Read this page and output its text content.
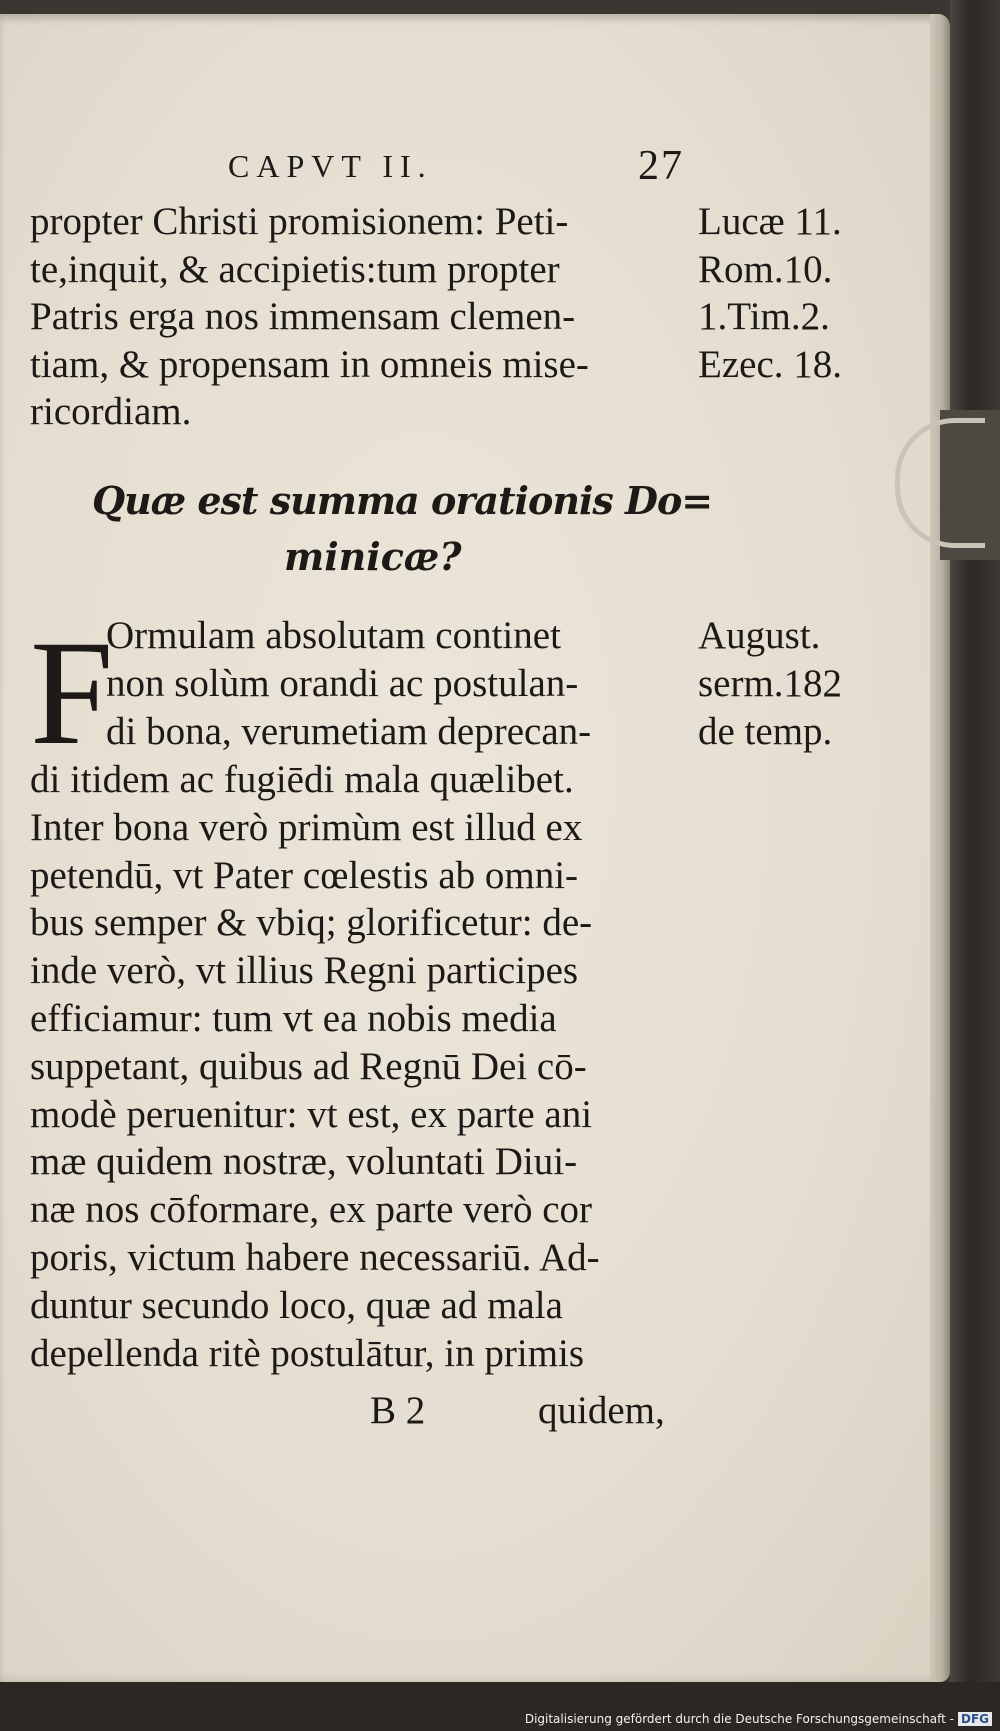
CAPVT II.	27
propter Christi promisionem: Peti-
te,inquit, & accipietis:tum propter
Patris erga nos immensam clemen-
tiam, & propensam in omneis mise-
ricordiam.
Lucæ 11.
Rom.10.
1.Tim.2.
Ezec. 18.
Quæ est summa orationis Do=
minicæ?
F
Ormulam absolutam continet
non solùm orandi ac postulan-
di bona, verumetiam deprecan-
August.
serm.182
de temp.
di itidem ac fugiēdi mala quælibet.
Inter bona verò primùm est illud ex
petendū, vt Pater cœlestis ab omni-
bus semper & vbiq; glorificetur: de-
inde verò, vt illius Regni participes
efficiamur: tum vt ea nobis media
suppetant, quibus ad Regnū Dei cō-
modè peruenitur: vt est, ex parte ani
mæ quidem nostræ, voluntati Diui-
næ nos cōformare, ex parte verò cor
poris, victum habere necessariū. Ad-
duntur secundo loco, quæ ad mala
depellenda ritè postulātur, in primis
B 2	quidem,
Digitalisierung gefördert durch die Deutsche Forschungsgemeinschaft - DFG
